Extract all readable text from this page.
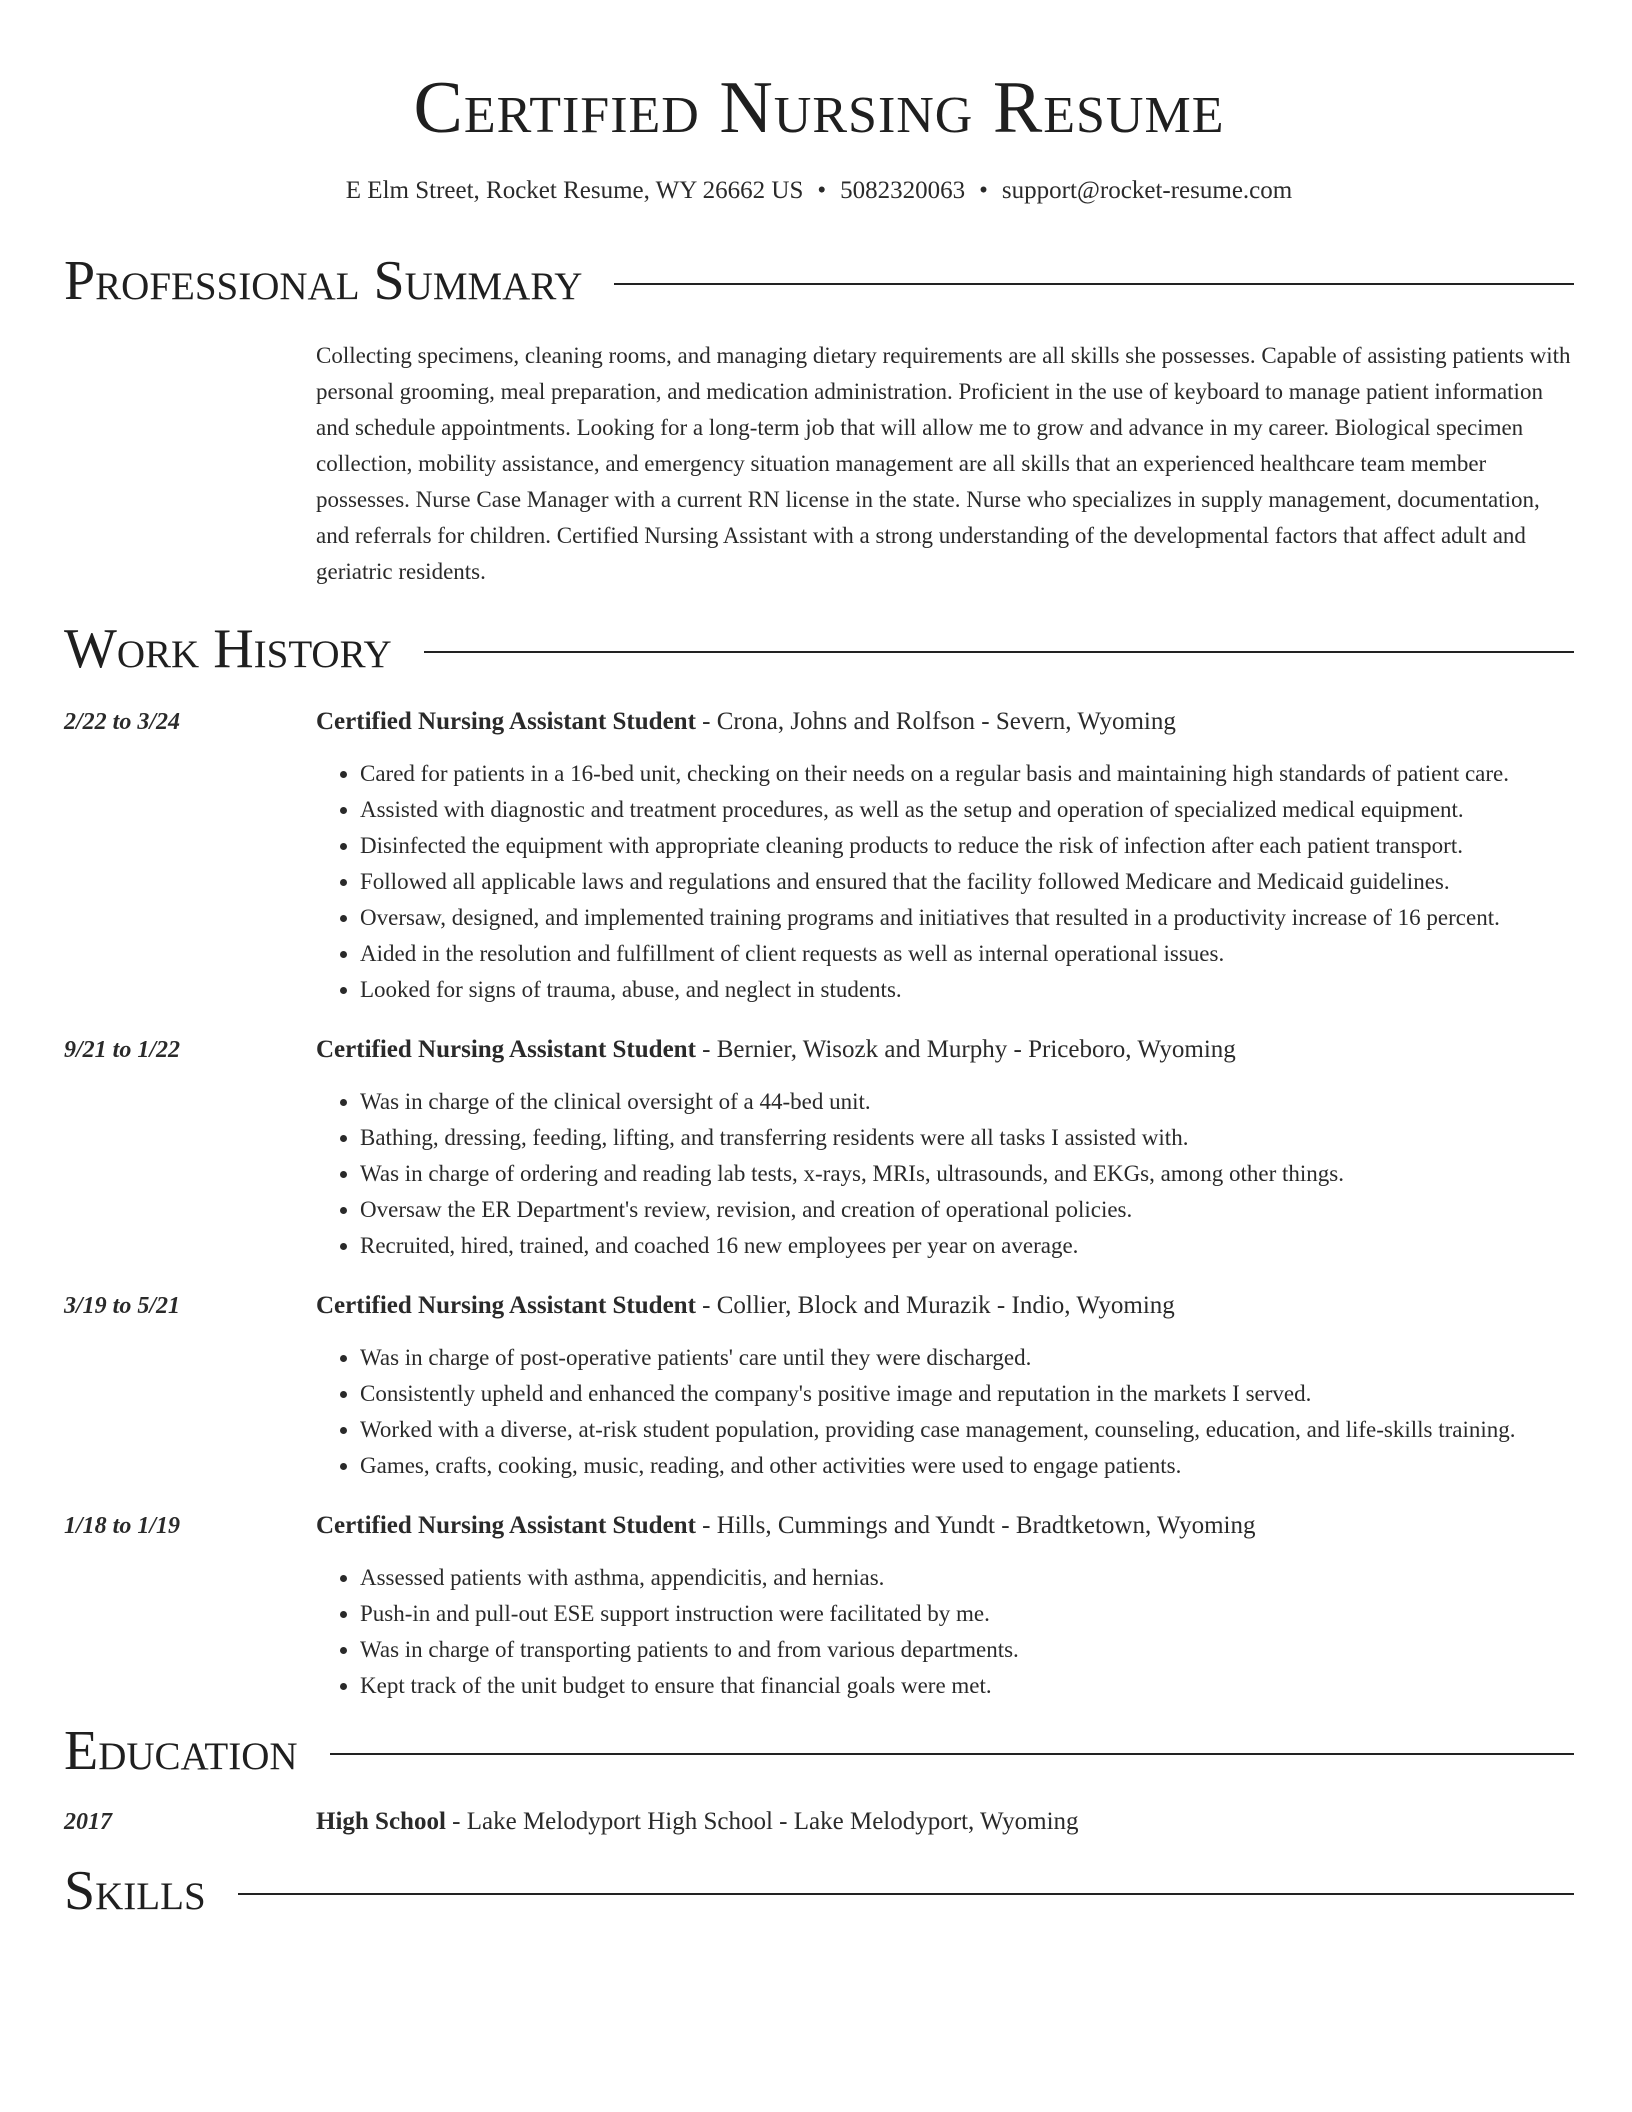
Certified Nursing Resume
E Elm Street, Rocket Resume, WY 26662 US • 5082320063 • support@rocket-resume.com
Professional Summary
Collecting specimens, cleaning rooms, and managing dietary requirements are all skills she possesses. Capable of assisting patients with personal grooming, meal preparation, and medication administration. Proficient in the use of keyboard to manage patient information and schedule appointments. Looking for a long-term job that will allow me to grow and advance in my career. Biological specimen collection, mobility assistance, and emergency situation management are all skills that an experienced healthcare team member possesses. Nurse Case Manager with a current RN license in the state. Nurse who specializes in supply management, documentation, and referrals for children. Certified Nursing Assistant with a strong understanding of the developmental factors that affect adult and geriatric residents.
Work History
2/22 to 3/24	Certified Nursing Assistant Student - Crona, Johns and Rolfson - Severn, Wyoming
• Cared for patients in a 16-bed unit, checking on their needs on a regular basis and maintaining high standards of patient care.
• Assisted with diagnostic and treatment procedures, as well as the setup and operation of specialized medical equipment.
• Disinfected the equipment with appropriate cleaning products to reduce the risk of infection after each patient transport.
• Followed all applicable laws and regulations and ensured that the facility followed Medicare and Medicaid guidelines.
• Oversaw, designed, and implemented training programs and initiatives that resulted in a productivity increase of 16 percent.
• Aided in the resolution and fulfillment of client requests as well as internal operational issues.
• Looked for signs of trauma, abuse, and neglect in students.
9/21 to 1/22	Certified Nursing Assistant Student - Bernier, Wisozk and Murphy - Priceboro, Wyoming
• Was in charge of the clinical oversight of a 44-bed unit.
• Bathing, dressing, feeding, lifting, and transferring residents were all tasks I assisted with.
• Was in charge of ordering and reading lab tests, x-rays, MRIs, ultrasounds, and EKGs, among other things.
• Oversaw the ER Department's review, revision, and creation of operational policies.
• Recruited, hired, trained, and coached 16 new employees per year on average.
3/19 to 5/21	Certified Nursing Assistant Student - Collier, Block and Murazik - Indio, Wyoming
• Was in charge of post-operative patients' care until they were discharged.
• Consistently upheld and enhanced the company's positive image and reputation in the markets I served.
• Worked with a diverse, at-risk student population, providing case management, counseling, education, and life-skills training.
• Games, crafts, cooking, music, reading, and other activities were used to engage patients.
1/18 to 1/19	Certified Nursing Assistant Student - Hills, Cummings and Yundt - Bradtketown, Wyoming
• Assessed patients with asthma, appendicitis, and hernias.
• Push-in and pull-out ESE support instruction were facilitated by me.
• Was in charge of transporting patients to and from various departments.
• Kept track of the unit budget to ensure that financial goals were met.
Education
2017	High School - Lake Melodyport High School - Lake Melodyport, Wyoming
Skills
